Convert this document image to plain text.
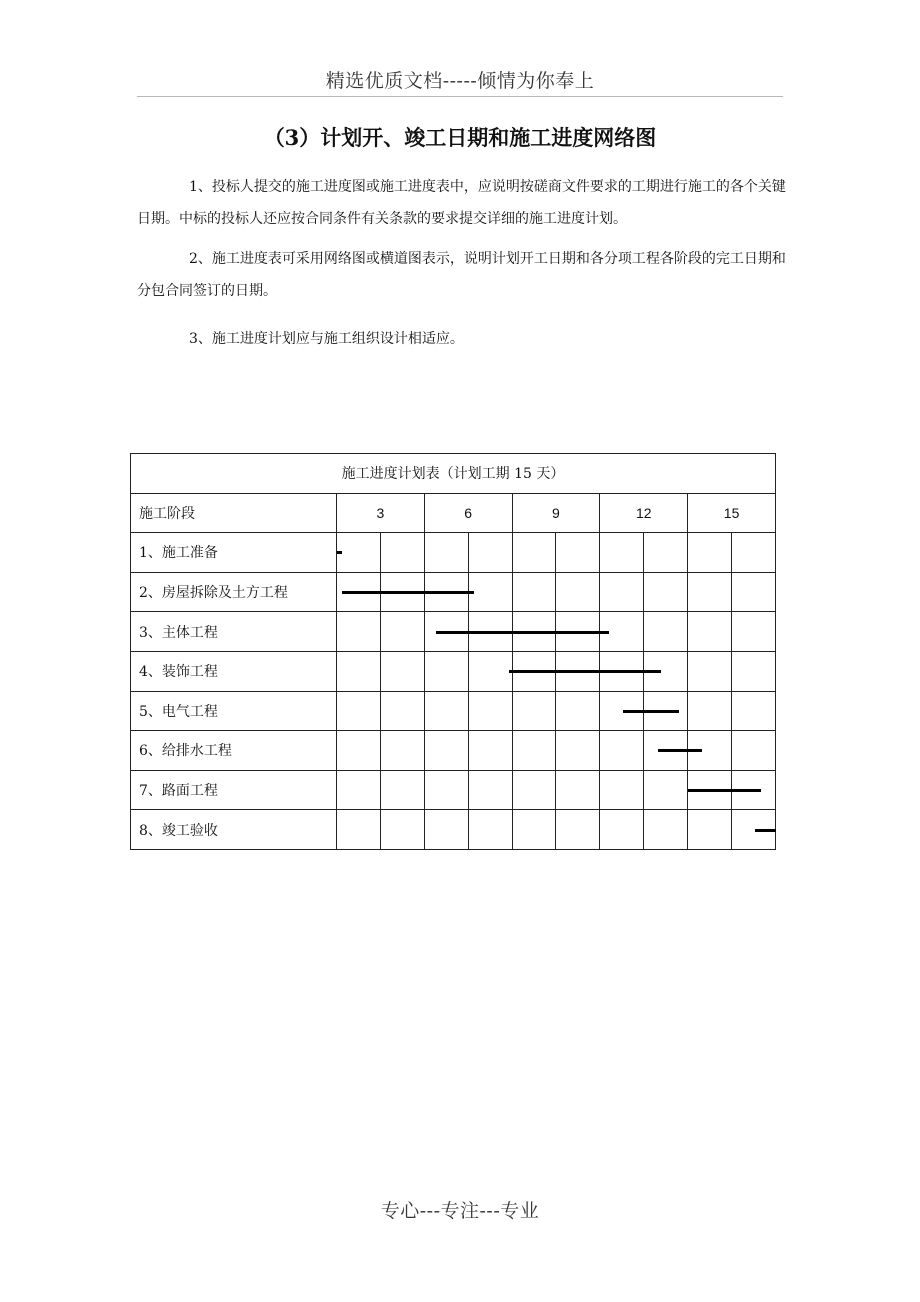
精选优质文档-----倾情为你奉上
（3）计划开、竣工日期和施工进度网络图
1、投标人提交的施工进度图或施工进度表中，应说明按磋商文件要求的工期进行施工的各个关键日期。中标的投标人还应按合同条件有关条款的要求提交详细的施工进度计划。
2、施工进度表可采用网络图或横道图表示，说明计划开工日期和各分项工程各阶段的完工日期和分包合同签订的日期。
3、施工进度计划应与施工组织设计相适应。
施工进度计划表（计划工期 15 天）										
施工阶段	3		6		9		12		15	
1、施工准备										
2、房屋拆除及土方工程										
3、主体工程										
4、装饰工程										
5、电气工程										
6、给排水工程										
7、路面工程										
8、竣工验收										
专心---专注---专业
